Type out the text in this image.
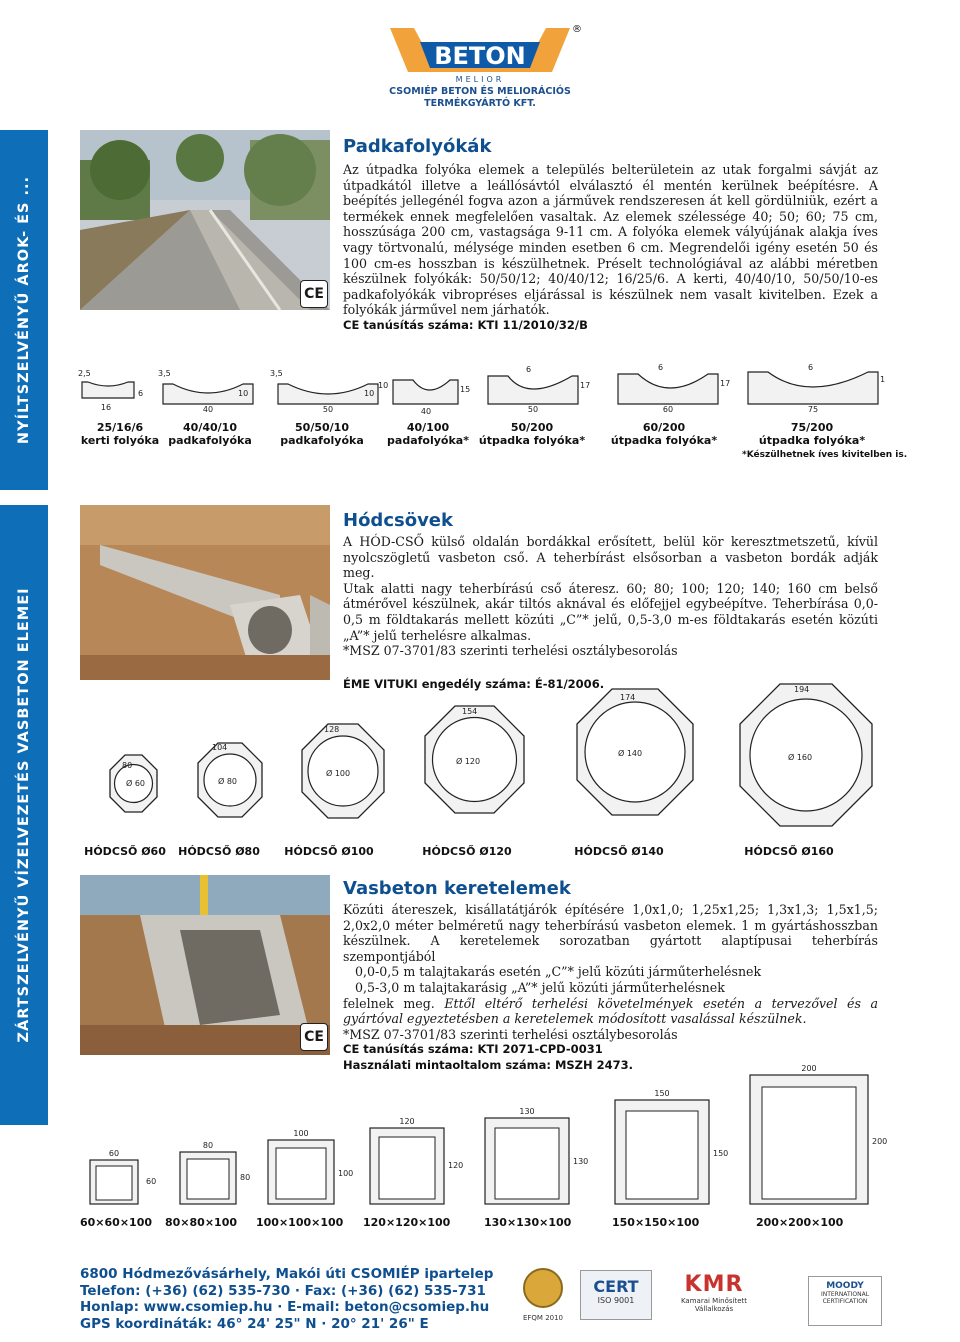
BETON
MELIOR
KFT	KFT
®
CSOMIÉP BETON ÉS MELIORÁCIÓS
TERMÉKGYÁRTÓ KFT.
NYÍLTSZELVÉNYŰ ÁROK- ÉS ...
ZÁRTSZELVÉNYŰ VÍZELVEZETÉS VASBETON ELEMEI
CE
Padkafolyókák

Az útpadka folyóka elemek a település belterületein az utak forgalmi sávját az útpadkától illetve a leállósávtól elválasztó él mentén kerülnek beépítésre. A beépítés jellegénél fogva azon a járművek rendszeresen át kell gördülniük, ezért a termékek ennek megfelelően vasaltak. Az elemek szélessége 40; 50; 60; 75 cm, hosszúsága 200 cm, vastagsága 9-11 cm. A folyóka elemek vályújának alakja íves vagy törtvonalú, mélysége minden esetben 6 cm. Megrendelői igény esetén 50 és 100 cm-es hosszban is készülhetnek. Préselt technológiával az alábbi méretben készülnek folyókák: 50/50/12; 40/40/12; 16/25/6. A kerti, 40/40/10, 50/50/10-es padkafolyókák vibropréses eljárással is készülnek nem vasalt kivitelben. Ezek a folyókák járművel nem járhatók.

CE tanúsítás száma: KTI 11/2010/32/B

16
2,5
6
40
3,5
10
50
3,5
10
40
10	15
50
6
17
60
6
17
75
6
1
25/16/6
kerti folyóka
40/40/10
padkafolyóka
50/50/10
padkafolyóka
40/100
padafolyóka*
50/200
útpadka folyóka*
60/200
útpadka folyóka*
75/200
útpadka folyóka*
*Készülhetnek íves kivitelben is.
Hódcsövek

A HÓD-CSŐ külső oldalán bordákkal erősített, belül kör keresztmetszetű, kívül nyolcszögletű vasbeton cső. A teherbírást elsősorban a vasbeton bordák adják meg.

Utak alatti nagy teherbírású cső áteresz. 60; 80; 100; 120; 140; 160 cm belső átmérővel készülnek, akár tiltós aknával és előfejjel egybeépítve. Teherbírása 0,0-0,5 m földtakarás mellett közúti „C”* jelű, 0,5-3,0 m-es földtakarás esetén közúti „A”* jelű terhelésre alkalmas.

*MSZ 07-3701/83 szerinti terhelési osztálybesorolás

ÉME VITUKI engedély száma: É-81/2006.

Ø 60
80
Ø 80
104
Ø 100
128
Ø 120
154
Ø 140
174
Ø 160
194
HÓDCSŐ Ø60	HÓDCSŐ Ø80	HÓDCSŐ Ø100	HÓDCSŐ Ø120	HÓDCSŐ Ø140	HÓDCSŐ Ø160
CE
Vasbeton keretelemek

Közúti átereszek, kisállatátjárók építésére 1,0x1,0; 1,25x1,25; 1,3x1,3; 1,5x1,5; 2,0x2,0 méter belméretű nagy teherbírású vasbeton elemek. 1 m gyártáshosszban készülnek. A keretelemek sorozatban gyártott alaptípusai teherbírás szempontjából

0,0-0,5 m talajtakarás esetén „C”* jelű közúti járműterhelésnek

0,5-3,0 m talajtakarásig „A”* jelű közúti járműterhelésnek

felelnek meg. Ettől eltérő terhelési követelmények esetén a tervezővel és a gyártóval egyeztetésben a keretelemek módosított vasalással készülnek.

*MSZ 07-3701/83 szerinti terhelési osztálybesorolás

CE tanúsítás száma: KTI 2071-CPD-0031

Használati mintaoltalom száma: MSZH 2473.

60
60
80
80
100
100
120
120
130
130
150
150
200
200
60×60×100 80×80×100 100×100×100 120×120×100	130×130×100	150×150×100	200×200×100
6800 Hódmezővásárhely, Makói úti CSOMIÉP ipartelep
Telefon: (+36) (62) 535-730 · Fax: (+36) (62) 535-731
Honlap: www.csomiep.hu · E-mail: beton@csomiep.hu
GPS koordináták: 46° 24' 25" N · 20° 21' 26" E	EFQM 2010
CERT
ISO 9001
KMR
Kamarai Minősített Vállalkozás
MOODY
INTERNATIONAL CERTIFICATION
